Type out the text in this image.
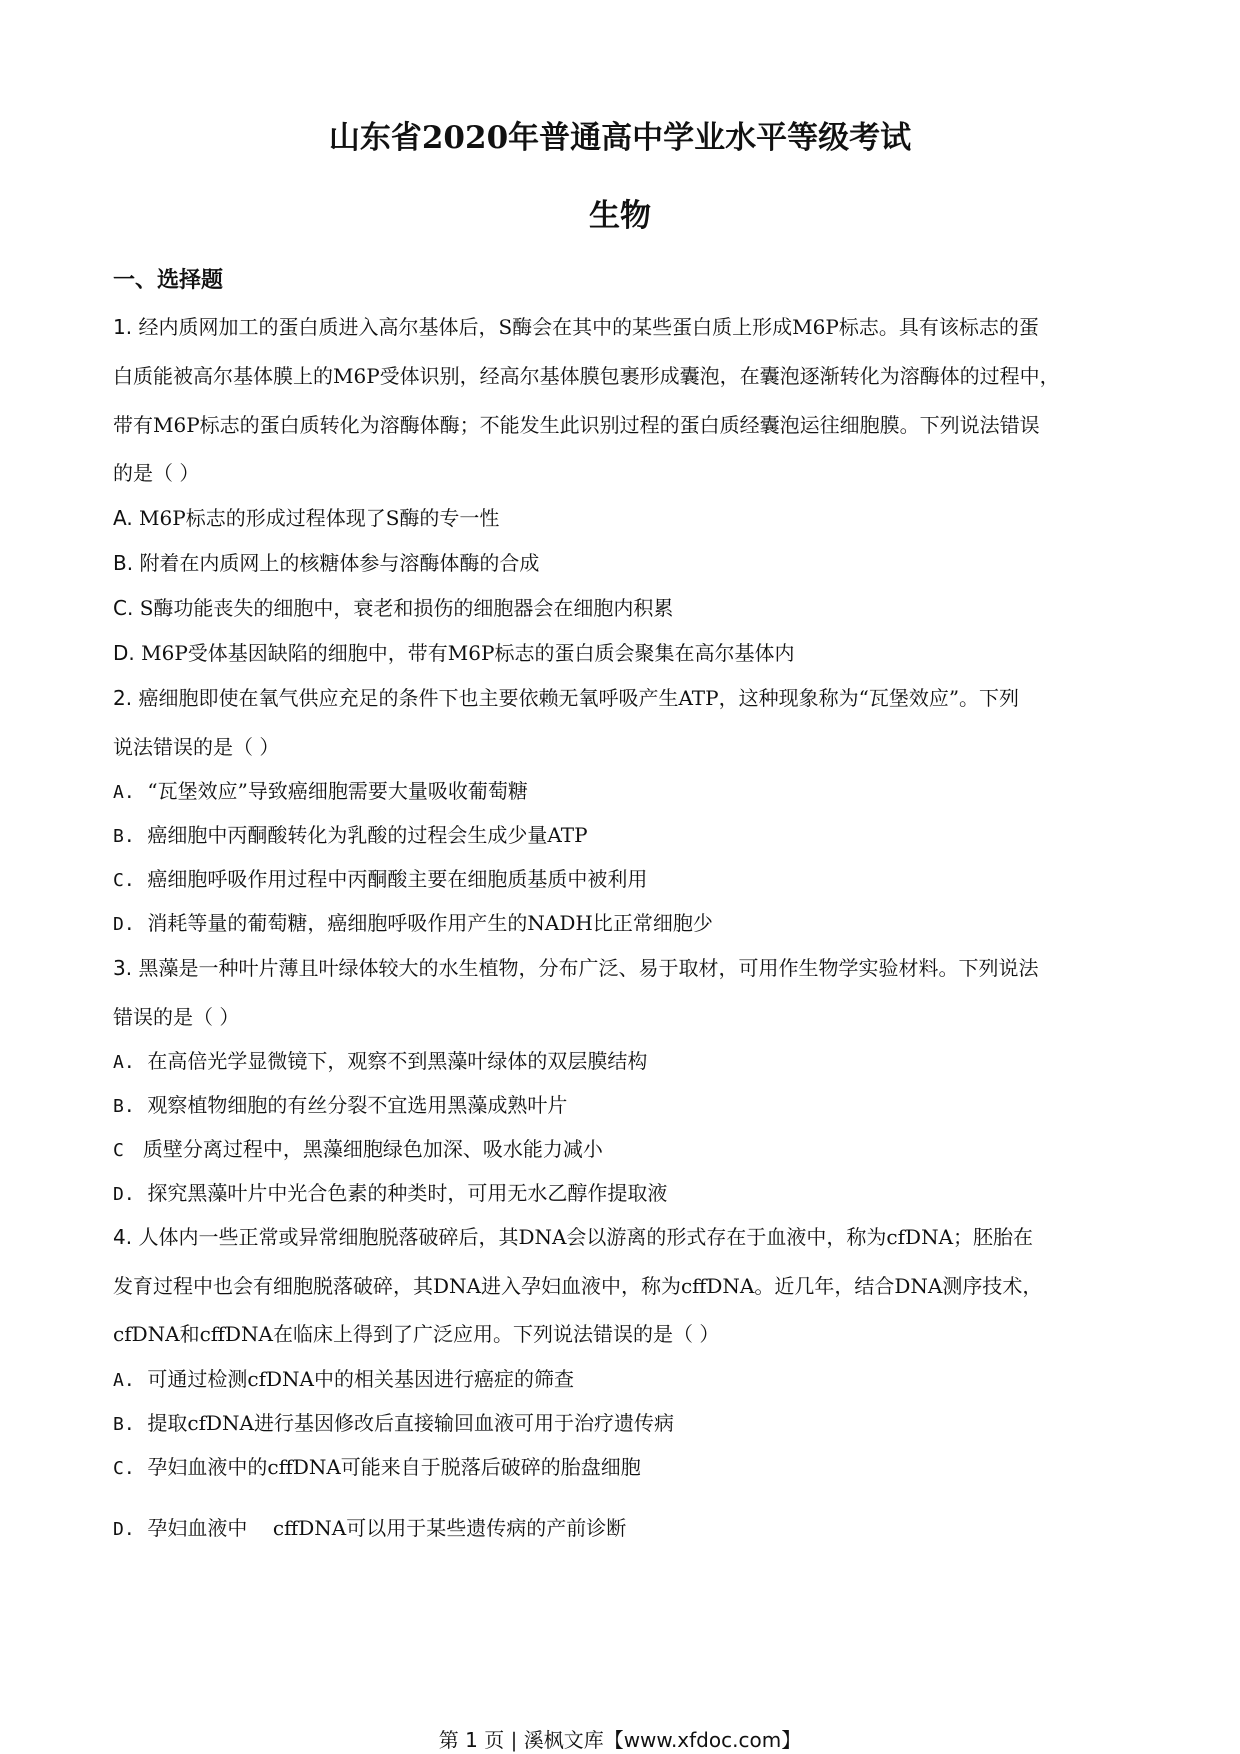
山东省2020年普通高中学业水平等级考试
生物
一、选择题
1. 经内质网加工的蛋白质进入高尔基体后，S酶会在其中的某些蛋白质上形成M6P标志。具有该标志的蛋
白质能被高尔基体膜上的M6P受体识别，经高尔基体膜包裹形成囊泡，在囊泡逐渐转化为溶酶体的过程中，
带有M6P标志的蛋白质转化为溶酶体酶；不能发生此识别过程的蛋白质经囊泡运往细胞膜。下列说法错误
的是（ ）
A. M6P标志的形成过程体现了S酶的专一性
B. 附着在内质网上的核糖体参与溶酶体酶的合成
C. S酶功能丧失的细胞中，衰老和损伤的细胞器会在细胞内积累
D. M6P受体基因缺陷的细胞中，带有M6P标志的蛋白质会聚集在高尔基体内
2. 癌细胞即使在氧气供应充足的条件下也主要依赖无氧呼吸产生ATP，这种现象称为“瓦堡效应”。下列
说法错误的是（ ）
A. “瓦堡效应”导致癌细胞需要大量吸收葡萄糖
B. 癌细胞中丙酮酸转化为乳酸的过程会生成少量ATP
C. 癌细胞呼吸作用过程中丙酮酸主要在细胞质基质中被利用
D. 消耗等量的葡萄糖，癌细胞呼吸作用产生的NADH比正常细胞少
3. 黑藻是一种叶片薄且叶绿体较大的水生植物，分布广泛、易于取材，可用作生物学实验材料。下列说法
错误的是（ ）
A. 在高倍光学显微镜下，观察不到黑藻叶绿体的双层膜结构
B. 观察植物细胞的有丝分裂不宜选用黑藻成熟叶片
C 质壁分离过程中，黑藻细胞绿色加深、吸水能力减小
D. 探究黑藻叶片中光合色素的种类时，可用无水乙醇作提取液
4. 人体内一些正常或异常细胞脱落破碎后，其DNA会以游离的形式存在于血液中，称为cfDNA；胚胎在
发育过程中也会有细胞脱落破碎，其DNA进入孕妇血液中，称为cffDNA。近几年，结合DNA测序技术，
cfDNA和cffDNA在临床上得到了广泛应用。下列说法错误的是（ ）
A. 可通过检测cfDNA中的相关基因进行癌症的筛查
B. 提取cfDNA进行基因修改后直接输回血液可用于治疗遗传病
C. 孕妇血液中的cffDNA可能来自于脱落后破碎的胎盘细胞
D. 孕妇血液中    cffDNA可以用于某些遗传病的产前诊断
第 1 页 | 溪枫文库【www.xfdoc.com】
